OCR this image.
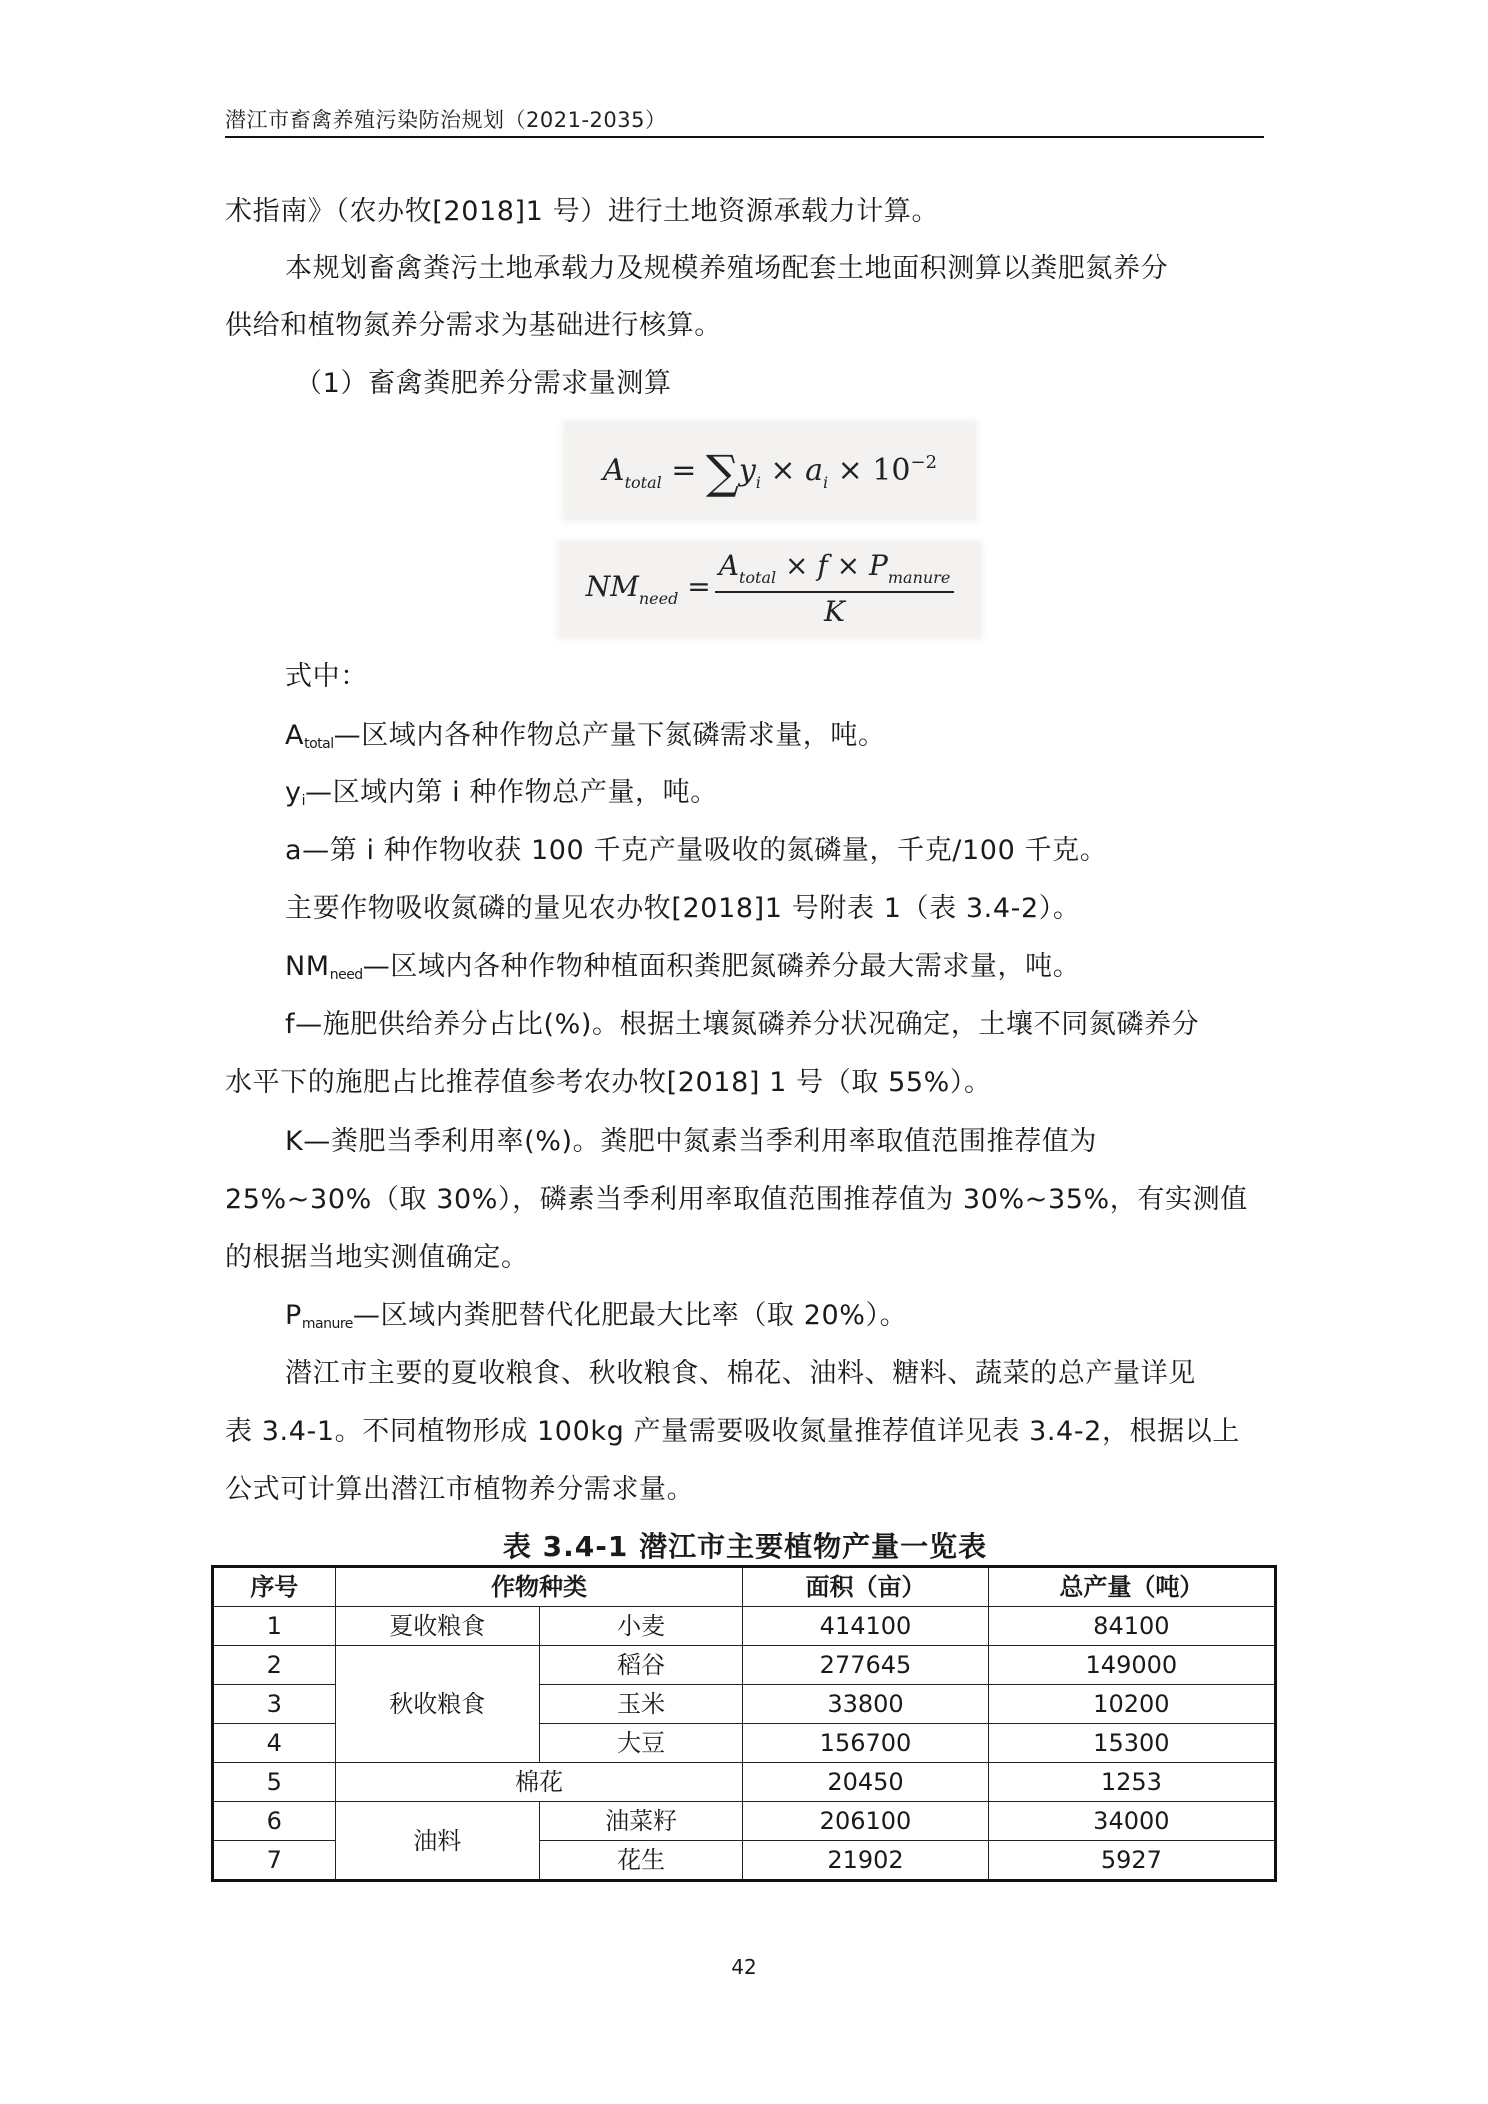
潜江市畜禽养殖污染防治规划（2021-2035）
术指南》（农办牧[2018]1 号）进行土地资源承载力计算。
本规划畜禽粪污土地承载力及规模养殖场配套土地面积测算以粪肥氮养分
供给和植物氮养分需求为基础进行核算。
（1）畜禽粪肥养分需求量测算
$A_{total} = \sum y_i \times a_i \times 10^{-2}$
$NM_{need}$ =
$A_{total} \times f \times P_{manure}$
K
式中：
$A_{total}—$区域内各种作物总产量下氮磷需求量，吨。
$y_i—$区域内第 i 种作物总产量，吨。
a—第 i 种作物收获 100 千克产量吸收的氮磷量，千克/100 千克。
主要作物吸收氮磷的量见农办牧[2018]1 号附表 1（表 3.4-2）。
$NM_{need}—$区域内各种作物种植面积粪肥氮磷养分最大需求量，吨。
f—施肥供给养分占比(%)。根据土壤氮磷养分状况确定，土壤不同氮磷养分
水平下的施肥占比推荐值参考农办牧[2018] 1 号（取 55%）。
K—粪肥当季利用率(%)。粪肥中氮素当季利用率取值范围推荐值为
25%~30%（取 30%），磷素当季利用率取值范围推荐值为 30%~35%，有实测值
的根据当地实测值确定。
$P_{manure}—$区域内粪肥替代化肥最大比率（取 20%）。
潜江市主要的夏收粮食、秋收粮食、棉花、油料、糖料、蔬菜的总产量详见
表 3.4-1。不同植物形成 100kg 产量需要吸收氮量推荐值详见表 3.4-2，根据以上
公式可计算出潜江市植物养分需求量。
表 3.4-1 潜江市主要植物产量一览表
序号	作物种类		面积（亩）	总产量（吨）
1	夏收粮食	小麦	414100	84100
2	秋收粮食	稻谷	277645	149000
3		玉米	33800	10200
4		大豆	156700	15300
5	棉花		20450	1253
6	油料	油菜籽	206100	34000
7		花生	21902	5927
42
